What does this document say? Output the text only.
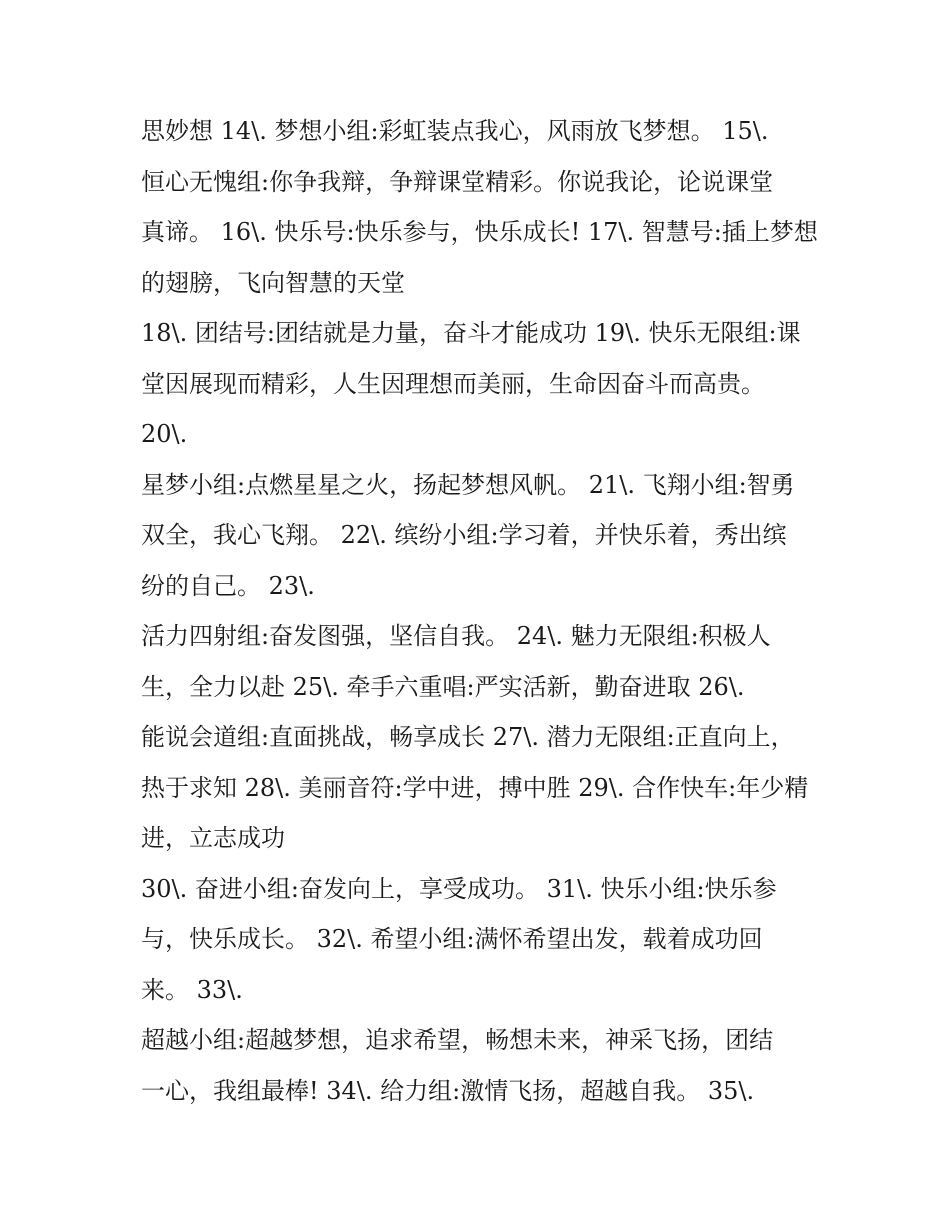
思妙想 14\. 梦想小组:彩虹装点我心，风雨放飞梦想。 15\.
恒心无愧组:你争我辩，争辩课堂精彩。你说我论，论说课堂
真谛。 16\. 快乐号:快乐参与，快乐成长! 17\. 智慧号:插上梦想
的翅膀，飞向智慧的天堂
18\. 团结号:团结就是力量，奋斗才能成功 19\. 快乐无限组:课
堂因展现而精彩，人生因理想而美丽，生命因奋斗而高贵。
20\.
星梦小组:点燃星星之火，扬起梦想风帆。 21\. 飞翔小组:智勇
双全，我心飞翔。 22\. 缤纷小组:学习着，并快乐着，秀出缤
纷的自己。 23\.
活力四射组:奋发图强，坚信自我。 24\. 魅力无限组:积极人
生，全力以赴 25\. 牵手六重唱:严实活新，勤奋进取 26\.
能说会道组:直面挑战，畅享成长 27\. 潜力无限组:正直向上，
热于求知 28\. 美丽音符:学中进，搏中胜 29\. 合作快车:年少精
进，立志成功
30\. 奋进小组:奋发向上，享受成功。 31\. 快乐小组:快乐参
与，快乐成长。 32\. 希望小组:满怀希望出发，载着成功回
来。 33\.
超越小组:超越梦想，追求希望，畅想未来，神采飞扬，团结
一心，我组最棒! 34\. 给力组:激情飞扬，超越自我。 35\.
